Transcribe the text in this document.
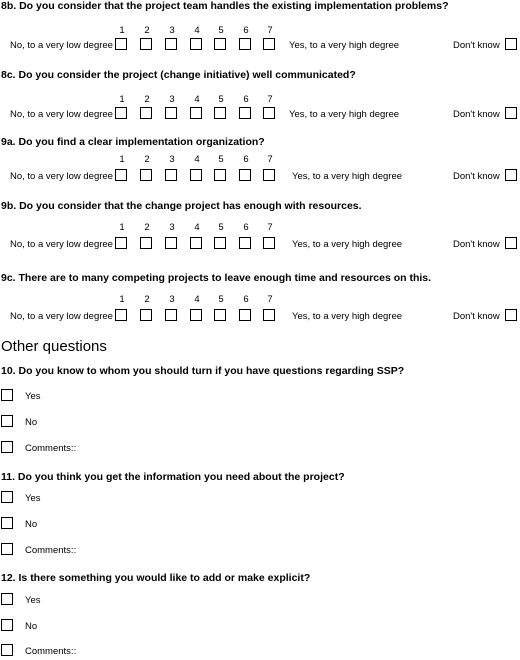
8b. Do you consider that the project team handles the existing implementation problems?
1	2	3	4	5	6	7
No, to a very low degree	Yes, to a very high degree	Don't know
8c. Do you consider the project (change initiative) well communicated?
1	2	3	4	5	6	7
No, to a very low degree	Yes, to a very high degree	Don't know
9a. Do you find a clear implementation organization?
1	2	3	4	5	6	7
No, to a very low degree	Yes, to a very high degree	Don't know
9b. Do you consider that the change project has enough with resources.
1	2	3	4	5	6	7
No, to a very low degree	Yes, to a very high degree	Don't know
9c. There are to many competing projects to leave enough time and resources on this.
1	2	3	4	5	6	7
No, to a very low degree	Yes, to a very high degree	Don't know
Other questions
10. Do you know to whom you should turn if you have questions regarding SSP?
Yes
No
Comments::
11. Do you think you get the information you need about the project?
Yes
No
Comments::
12. Is there something you would like to add or make explicit?
Yes
No
Comments::
